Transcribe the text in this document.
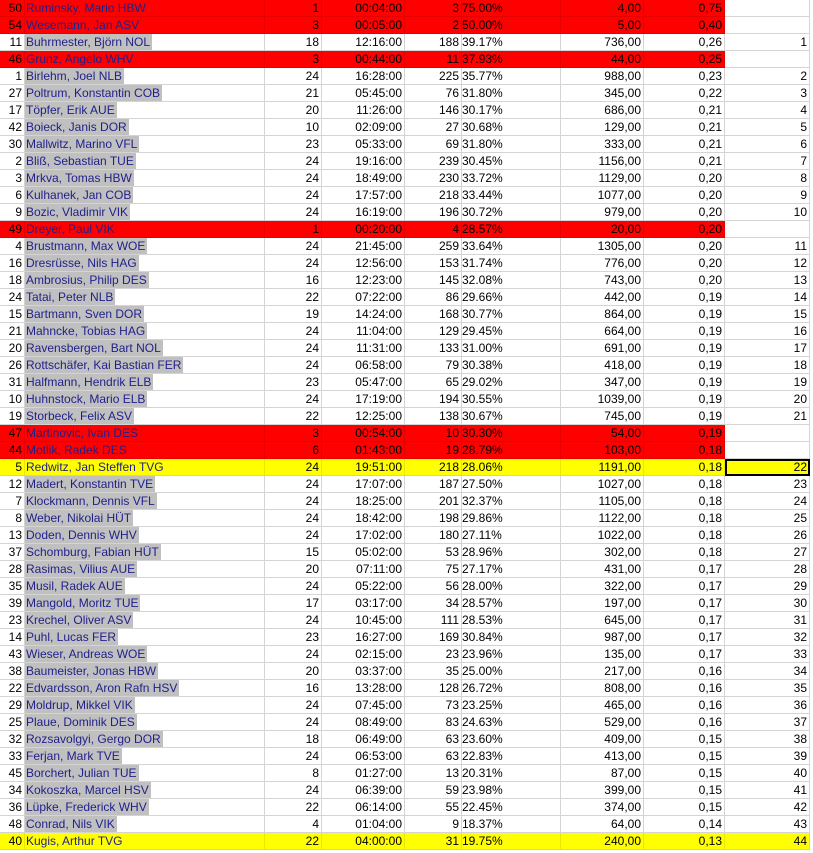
50 Ruminsky, Mario HBW	1	00:04:00	3 75.00%	4,00	0,75
54 Wesemann, Jan ASV	3	00:05:00	2 50.00%	5,00	0,40
11 Buhrmester, Björn NOL	18	12:16:00	188 39.17%	736,00	0,26	1
46 Grunz, Angelo WHV	3	00:44:00	11 37.93%	44,00	0,25
1 Birlehm, Joel NLB	24	16:28:00	225 35.77%	988,00	0,23	2
27 Poltrum, Konstantin COB	21	05:45:00	76 31.80%	345,00	0,22	3
17 Töpfer, Erik AUE	20	11:26:00	146 30.17%	686,00	0,21	4
42 Boieck, Janis DOR	10	02:09:00	27 30.68%	129,00	0,21	5
30 Mallwitz, Marino VFL	23	05:33:00	69 31.80%	333,00	0,21	6
2 Bliß, Sebastian TUE	24	19:16:00	239 30.45%	1156,00	0,21	7
3 Mrkva, Tomas HBW	24	18:49:00	230 33.72%	1129,00	0,20	8
6 Kulhanek, Jan COB	24	17:57:00	218 33.44%	1077,00	0,20	9
9 Bozic, Vladimir VIK	24	16:19:00	196 30.72%	979,00	0,20	10
49 Dreyer, Paul VIK	1	00:20:00	4 28.57%	20,00	0,20
4 Brustmann, Max WOE	24	21:45:00	259 33.64%	1305,00	0,20	11
16 Dresrüsse, Nils HAG	24	12:56:00	153 31.74%	776,00	0,20	12
18 Ambrosius, Philip DES	16	12:23:00	145 32.08%	743,00	0,20	13
24 Tatai, Peter NLB	22	07:22:00	86 29.66%	442,00	0,19	14
15 Bartmann, Sven DOR	19	14:24:00	168 30.77%	864,00	0,19	15
21 Mahncke, Tobias HAG	24	11:04:00	129 29.45%	664,00	0,19	16
20 Ravensbergen, Bart NOL	24	11:31:00	133 31.00%	691,00	0,19	17
26 Rottschäfer, Kai Bastian FER	24	06:58:00	79 30.38%	418,00	0,19	18
31 Halfmann, Hendrik ELB	23	05:47:00	65 29.02%	347,00	0,19	19
10 Huhnstock, Mario ELB	24	17:19:00	194 30.55%	1039,00	0,19	20
19 Storbeck, Felix ASV	22	12:25:00	138 30.67%	745,00	0,19	21
47 Martinovic, Ivan DES	3	00:54:00	10 30.30%	54,00	0,19
44 Motlik, Radek DES	6	01:43:00	19 28.79%	103,00	0,18
5 Redwitz, Jan Steffen TVG	24	19:51:00	218 28.06%	1191,00	0,18	22
12 Madert, Konstantin TVE	24	17:07:00	187 27.50%	1027,00	0,18	23
7 Klockmann, Dennis VFL	24	18:25:00	201 32.37%	1105,00	0,18	24
8 Weber, Nikolai HÜT	24	18:42:00	198 29.86%	1122,00	0,18	25
13 Doden, Dennis WHV	24	17:02:00	180 27.11%	1022,00	0,18	26
37 Schomburg, Fabian HÜT	15	05:02:00	53 28.96%	302,00	0,18	27
28 Rasimas, Vilius AUE	20	07:11:00	75 27.17%	431,00	0,17	28
35 Musil, Radek AUE	24	05:22:00	56 28.00%	322,00	0,17	29
39 Mangold, Moritz TUE	17	03:17:00	34 28.57%	197,00	0,17	30
23 Krechel, Oliver ASV	24	10:45:00	111 28.53%	645,00	0,17	31
14 Puhl, Lucas FER	23	16:27:00	169 30.84%	987,00	0,17	32
43 Wieser, Andreas WOE	24	02:15:00	23 23.96%	135,00	0,17	33
38 Baumeister, Jonas HBW	20	03:37:00	35 25.00%	217,00	0,16	34
22 Edvardsson, Aron Rafn HSV	16	13:28:00	128 26.72%	808,00	0,16	35
29 Moldrup, Mikkel VIK	24	07:45:00	73 23.25%	465,00	0,16	36
25 Plaue, Dominik DES	24	08:49:00	83 24.63%	529,00	0,16	37
32 Rozsavolgyi, Gergo DOR	18	06:49:00	63 23.60%	409,00	0,15	38
33 Ferjan, Mark TVE	24	06:53:00	63 22.83%	413,00	0,15	39
45 Borchert, Julian TUE	8	01:27:00	13 20.31%	87,00	0,15	40
34 Kokoszka, Marcel HSV	24	06:39:00	59 23.98%	399,00	0,15	41
36 Lüpke, Frederick WHV	22	06:14:00	55 22.45%	374,00	0,15	42
48 Conrad, Nils VIK	4	01:04:00	9 18.37%	64,00	0,14	43
40 Kugis, Arthur TVG	22	04:00:00	31 19.75%	240,00	0,13	44
